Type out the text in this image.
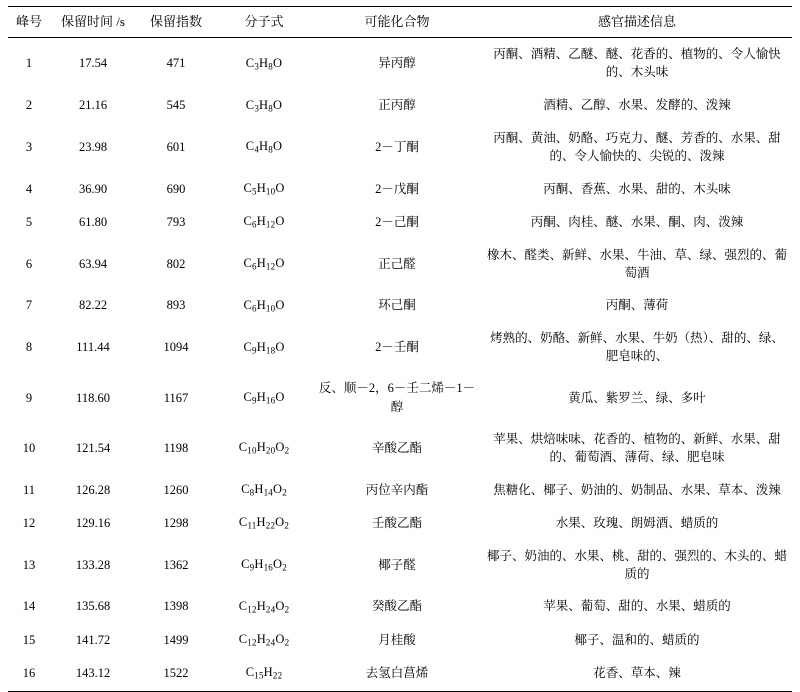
峰号	保留时间 /s	保留指数	分子式	可能化合物	感官描述信息
1	17.54	471	$C_3H_8O$	异丙醇	丙酮、酒精、乙醚、醚、花香的、植物的、令人愉快的、木头味
2	21.16	545	$C_3H_8O$	正丙醇	酒精、乙醇、水果、发酵的、泼辣
3	23.98	601	$C_4H_8O$	2－丁酮	丙酮、黄油、奶酪、巧克力、醚、芳香的、水果、甜的、令人愉快的、尖锐的、泼辣
4	36.90	690	$C_5H_{10}O$	2－戊酮	丙酮、香蕉、水果、甜的、木头味
5	61.80	793	$C_6H_{12}O$	2－己酮	丙酮、肉桂、醚、水果、酮、肉、泼辣
6	63.94	802	$C_6H_{12}O$	正己醛	橡木、醛类、新鲜、水果、牛油、草、绿、强烈的、葡萄酒
7	82.22	893	$C_6H_{10}O$	环己酮	丙酮、薄荷
8	111.44	1094	$C_9H_{18}O$	2－壬酮	烤熟的、奶酪、新鲜、水果、牛奶（热）、甜的、绿、肥皂味的、
9	118.60	1167	$C_9H_{16}O$	反、顺－2，6－壬二烯－1－醇	黄瓜、紫罗兰、绿、多叶
10	121.54	1198	$C_{10}H_{20}O_2$	辛酸乙酯	苹果、烘焙味味、花香的、植物的、新鲜、水果、甜的、葡萄酒、薄荷、绿、肥皂味
11	126.28	1260	$C_8H_{14}O_2$	丙位辛内酯	焦糖化、椰子、奶油的、奶制品、水果、草本、泼辣
12	129.16	1298	$C_{11}H_{22}O_2$	壬酸乙酯	水果、玫瑰、朗姆酒、蜡质的
13	133.28	1362	$C_9H_{16}O_2$	椰子醛	椰子、奶油的、水果、桃、甜的、强烈的、木头的、蜡质的
14	135.68	1398	$C_{12}H_{24}O_2$	癸酸乙酯	苹果、葡萄、甜的、水果、蜡质的
15	141.72	1499	$C_{12}H_{24}O_2$	月桂酸	椰子、温和的、蜡质的
16	143.12	1522	$C_{15}H_{22}$	去氢白菖烯	花香、草本、辣
